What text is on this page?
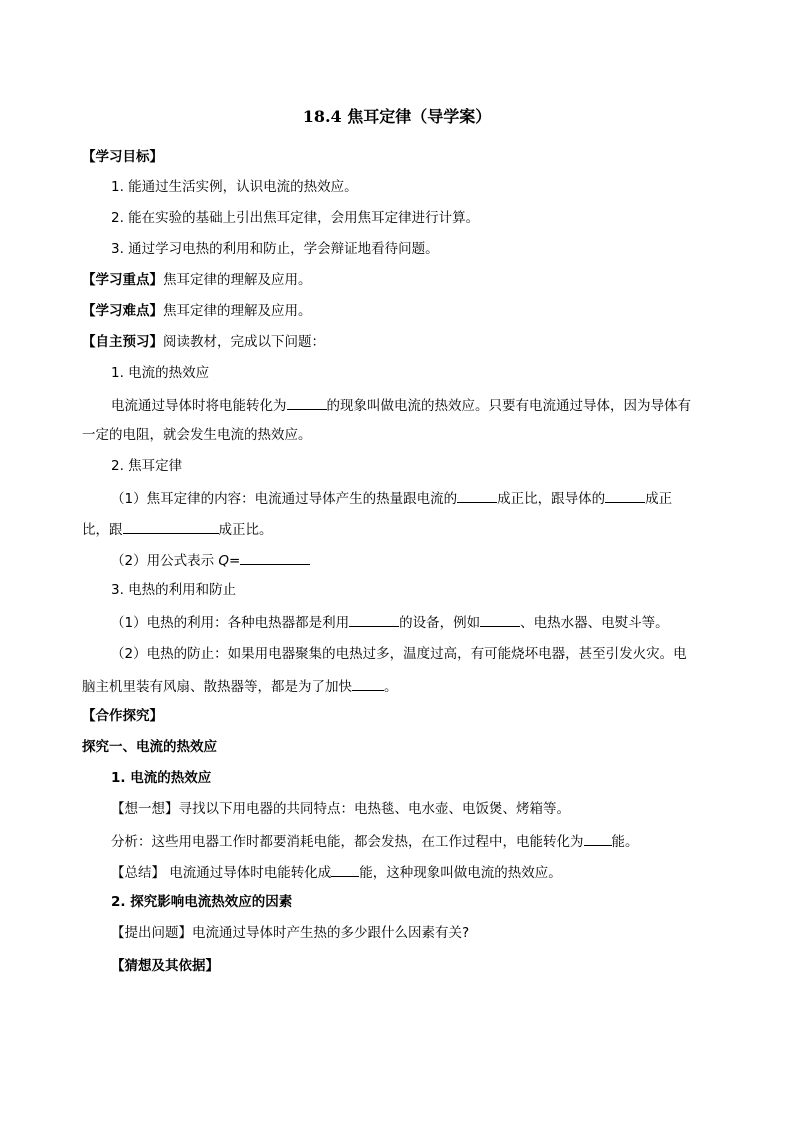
18.4 焦耳定律（导学案）
【学习目标】
1. 能通过生活实例，认识电流的热效应。
2. 能在实验的基础上引出焦耳定律，会用焦耳定律进行计算。
3. 通过学习电热的利用和防止，学会辩证地看待问题。
【学习重点】焦耳定律的理解及应用。
【学习难点】焦耳定律的理解及应用。
【自主预习】阅读教材，完成以下问题：
1. 电流的热效应
电流通过导体时将电能转化为	的现象叫做电流的热效应。只要有电流通过导体，因为导体有
一定的电阻，就会发生电流的热效应。
2. 焦耳定律
（1）焦耳定律的内容：电流通过导体产生的热量跟电流的	成正比，跟导体的	成正
比，跟	成正比。
（2）用公式表示 Q=
3. 电热的利用和防止
（1）电热的利用：各种电热器都是利用	的设备，例如	、电热水器、电熨斗等。
（2）电热的防止：如果用电器聚集的电热过多，温度过高，有可能烧坏电器，甚至引发火灾。电
脑主机里装有风扇、散热器等，都是为了加快 。
【合作探究】
探究一、电流的热效应
1. 电流的热效应
【想一想】寻找以下用电器的共同特点：电热毯、电水壶、电饭煲、烤箱等。
分析：这些用电器工作时都要消耗电能，都会发热，在工作过程中，电能转化为 能。
【总结】 电流通过导体时电能转化成 能，这种现象叫做电流的热效应。
2. 探究影响电流热效应的因素
【提出问题】电流通过导体时产生热的多少跟什么因素有关?
【猜想及其依据】
